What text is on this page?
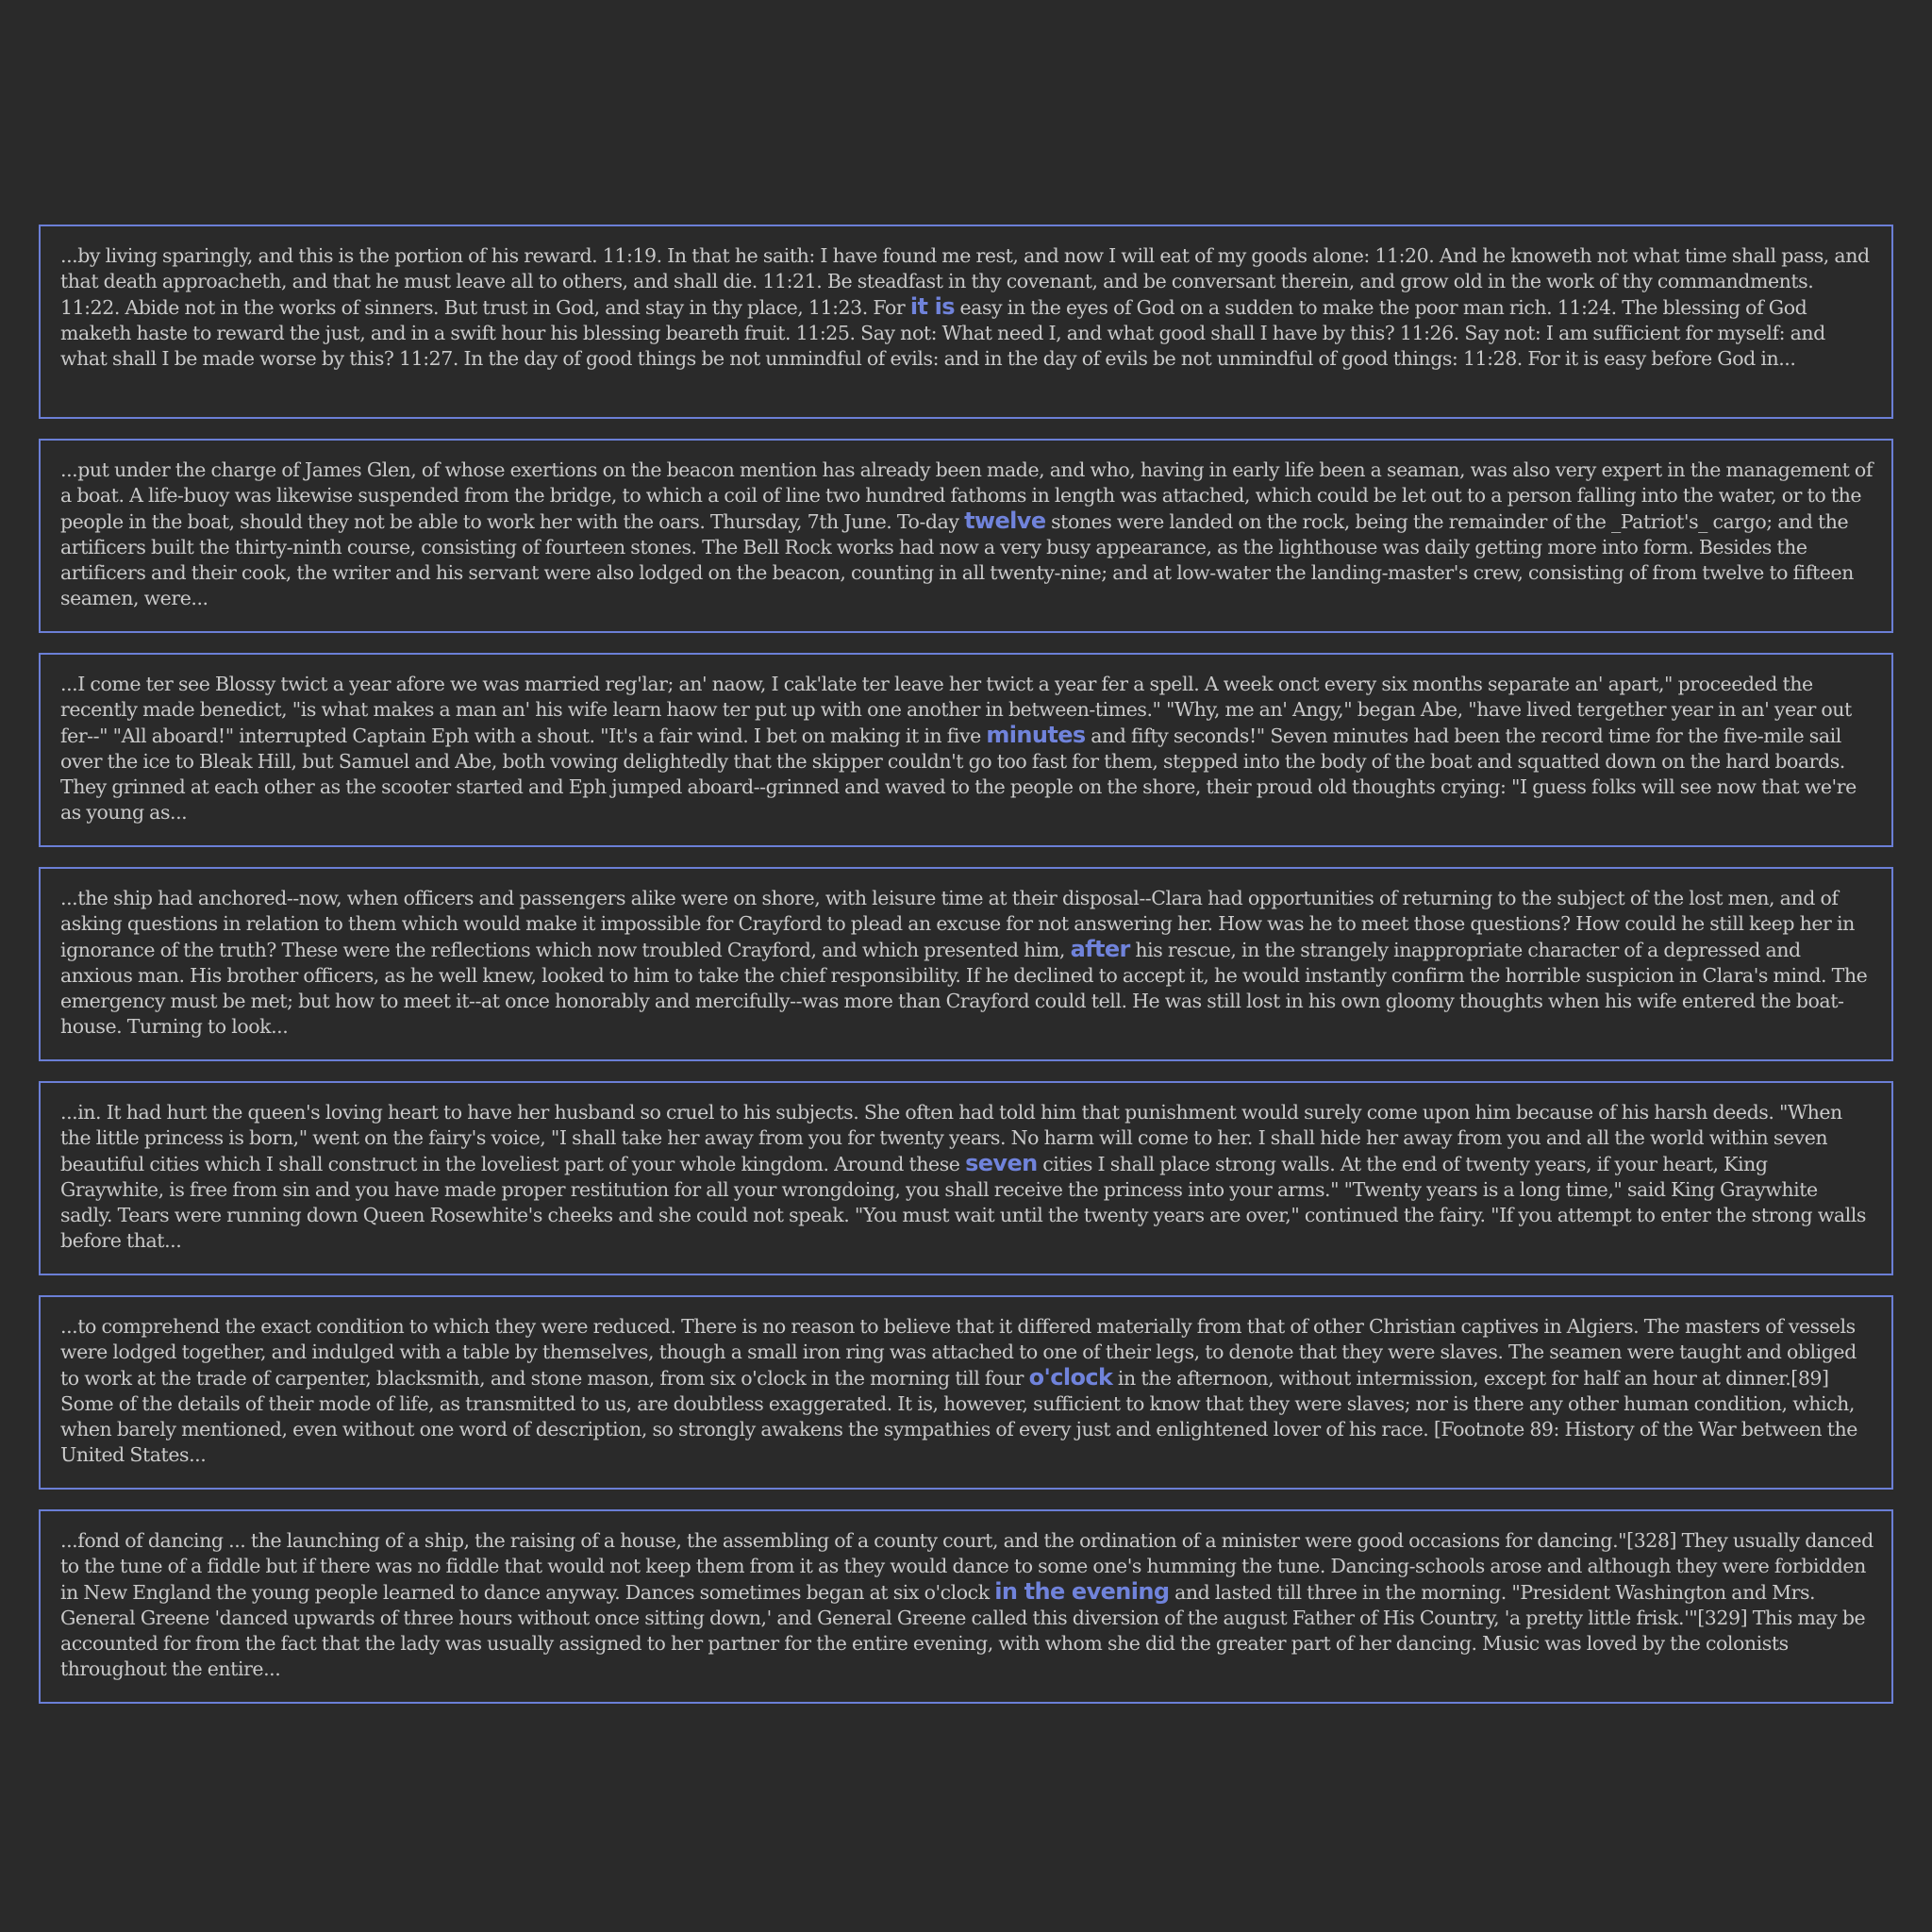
...by living sparingly, and this is the portion of his reward. 11:19. In that he saith: I have found me rest, and now I will eat of my goods alone: 11:20. And he knoweth not what time shall pass, and that death approacheth, and that he must leave all to others, and shall die. 11:21. Be steadfast in thy covenant, and be conversant therein, and grow old in the work of thy commandments. 11:22. Abide not in the works of sinners. But trust in God, and stay in thy place, 11:23. For it is easy in the eyes of God on a sudden to make the poor man rich. 11:24. The blessing of God maketh haste to reward the just, and in a swift hour his blessing beareth fruit. 11:25. Say not: What need I, and what good shall I have by this? 11:26. Say not: I am sufficient for myself: and what shall I be made worse by this? 11:27. In the day of good things be not unmindful of evils: and in the day of evils be not unmindful of good things: 11:28. For it is easy before God in...

...put under the charge of James Glen, of whose exertions on the beacon mention has already been made, and who, having in early life been a seaman, was also very expert in the management of a boat. A life-buoy was likewise suspended from the bridge, to which a coil of line two hundred fathoms in length was attached, which could be let out to a person falling into the water, or to the people in the boat, should they not be able to work her with the oars. Thursday, 7th June. To-day twelve stones were landed on the rock, being the remainder of the _Patriot's_ cargo; and the artificers built the thirty-ninth course, consisting of fourteen stones. The Bell Rock works had now a very busy appearance, as the lighthouse was daily getting more into form. Besides the artificers and their cook, the writer and his servant were also lodged on the beacon, counting in all twenty-nine; and at low-water the landing-master's crew, consisting of from twelve to fifteen seamen, were...

...I come ter see Blossy twict a year afore we was married reg'lar; an' naow, I cak'late ter leave her twict a year fer a spell. A week onct every six months separate an' apart," proceeded the recently made benedict, "is what makes a man an' his wife learn haow ter put up with one another in between-times." "Why, me an' Angy," began Abe, "have lived tergether year in an' year out fer--" "All aboard!" interrupted Captain Eph with a shout. "It's a fair wind. I bet on making it in five minutes and fifty seconds!" Seven minutes had been the record time for the five-mile sail over the ice to Bleak Hill, but Samuel and Abe, both vowing delightedly that the skipper couldn't go too fast for them, stepped into the body of the boat and squatted down on the hard boards. They grinned at each other as the scooter started and Eph jumped aboard--grinned and waved to the people on the shore, their proud old thoughts crying: "I guess folks will see now that we're as young as...

...the ship had anchored--now, when officers and passengers alike were on shore, with leisure time at their disposal--Clara had opportunities of returning to the subject of the lost men, and of asking questions in relation to them which would make it impossible for Crayford to plead an excuse for not answering her. How was he to meet those questions? How could he still keep her in ignorance of the truth? These were the reflections which now troubled Crayford, and which presented him, after his rescue, in the strangely inappropriate character of a depressed and anxious man. His brother officers, as he well knew, looked to him to take the chief responsibility. If he declined to accept it, he would instantly confirm the horrible suspicion in Clara's mind. The emergency must be met; but how to meet it--at once honorably and mercifully--was more than Crayford could tell. He was still lost in his own gloomy thoughts when his wife entered the boat-house. Turning to look...

...in. It had hurt the queen's loving heart to have her husband so cruel to his subjects. She often had told him that punishment would surely come upon him because of his harsh deeds. "When the little princess is born," went on the fairy's voice, "I shall take her away from you for twenty years. No harm will come to her. I shall hide her away from you and all the world within seven beautiful cities which I shall construct in the loveliest part of your whole kingdom. Around these seven cities I shall place strong walls. At the end of twenty years, if your heart, King Graywhite, is free from sin and you have made proper restitution for all your wrongdoing, you shall receive the princess into your arms." "Twenty years is a long time," said King Graywhite sadly. Tears were running down Queen Rosewhite's cheeks and she could not speak. "You must wait until the twenty years are over," continued the fairy. "If you attempt to enter the strong walls before that...

...to comprehend the exact condition to which they were reduced. There is no reason to believe that it differed materially from that of other Christian captives in Algiers. The masters of vessels were lodged together, and indulged with a table by themselves, though a small iron ring was attached to one of their legs, to denote that they were slaves. The seamen were taught and obliged to work at the trade of carpenter, blacksmith, and stone mason, from six o'clock in the morning till four o'clock in the afternoon, without intermission, except for half an hour at dinner.[89] Some of the details of their mode of life, as transmitted to us, are doubtless exaggerated. It is, however, sufficient to know that they were slaves; nor is there any other human condition, which, when barely mentioned, even without one word of description, so strongly awakens the sympathies of every just and enlightened lover of his race. [Footnote 89: History of the War between the United States...

...fond of dancing ... the launching of a ship, the raising of a house, the assembling of a county court, and the ordination of a minister were good occasions for dancing."[328] They usually danced to the tune of a fiddle but if there was no fiddle that would not keep them from it as they would dance to some one's humming the tune. Dancing-schools arose and although they were forbidden in New England the young people learned to dance anyway. Dances sometimes began at six o'clock in the evening and lasted till three in the morning. "President Washington and Mrs. General Greene 'danced upwards of three hours without once sitting down,' and General Greene called this diversion of the august Father of His Country, 'a pretty little frisk.'"[329] This may be accounted for from the fact that the lady was usually assigned to her partner for the entire evening, with whom she did the greater part of her dancing. Music was loved by the colonists throughout the entire...
